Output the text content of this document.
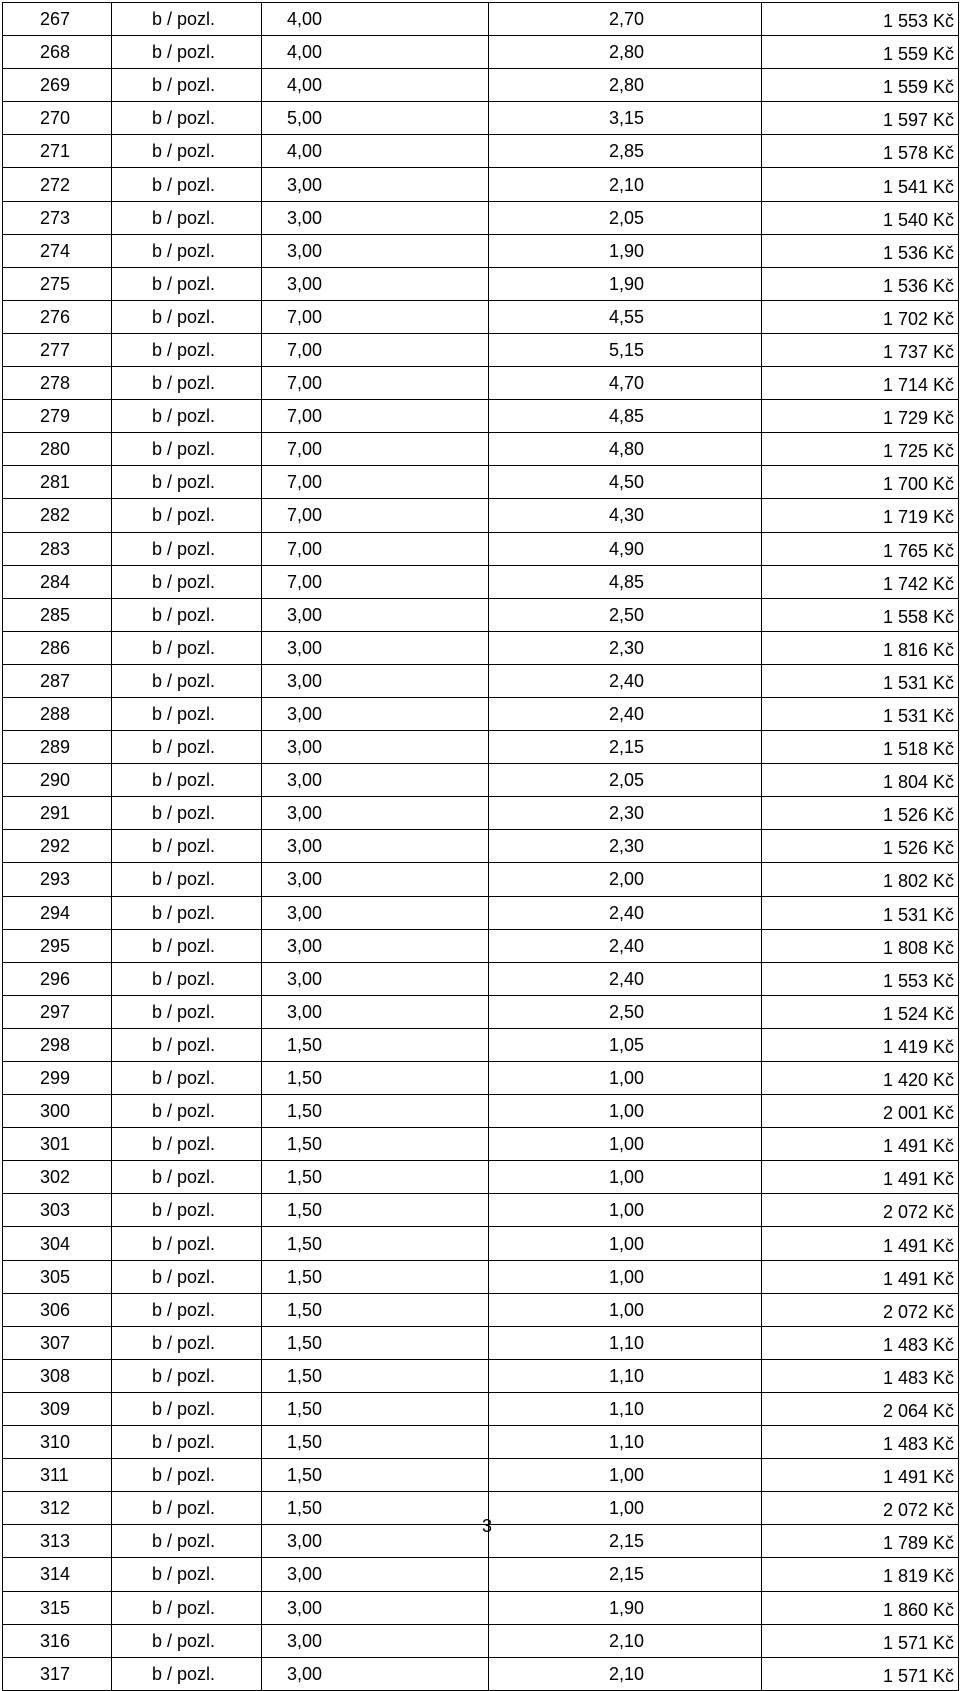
267	b / pozl.	4,00	2,70	1 553 Kč
268	b / pozl.	4,00	2,80	1 559 Kč
269	b / pozl.	4,00	2,80	1 559 Kč
270	b / pozl.	5,00	3,15	1 597 Kč
271	b / pozl.	4,00	2,85	1 578 Kč
272	b / pozl.	3,00	2,10	1 541 Kč
273	b / pozl.	3,00	2,05	1 540 Kč
274	b / pozl.	3,00	1,90	1 536 Kč
275	b / pozl.	3,00	1,90	1 536 Kč
276	b / pozl.	7,00	4,55	1 702 Kč
277	b / pozl.	7,00	5,15	1 737 Kč
278	b / pozl.	7,00	4,70	1 714 Kč
279	b / pozl.	7,00	4,85	1 729 Kč
280	b / pozl.	7,00	4,80	1 725 Kč
281	b / pozl.	7,00	4,50	1 700 Kč
282	b / pozl.	7,00	4,30	1 719 Kč
283	b / pozl.	7,00	4,90	1 765 Kč
284	b / pozl.	7,00	4,85	1 742 Kč
285	b / pozl.	3,00	2,50	1 558 Kč
286	b / pozl.	3,00	2,30	1 816 Kč
287	b / pozl.	3,00	2,40	1 531 Kč
288	b / pozl.	3,00	2,40	1 531 Kč
289	b / pozl.	3,00	2,15	1 518 Kč
290	b / pozl.	3,00	2,05	1 804 Kč
291	b / pozl.	3,00	2,30	1 526 Kč
292	b / pozl.	3,00	2,30	1 526 Kč
293	b / pozl.	3,00	2,00	1 802 Kč
294	b / pozl.	3,00	2,40	1 531 Kč
295	b / pozl.	3,00	2,40	1 808 Kč
296	b / pozl.	3,00	2,40	1 553 Kč
297	b / pozl.	3,00	2,50	1 524 Kč
298	b / pozl.	1,50	1,05	1 419 Kč
299	b / pozl.	1,50	1,00	1 420 Kč
300	b / pozl.	1,50	1,00	2 001 Kč
301	b / pozl.	1,50	1,00	1 491 Kč
302	b / pozl.	1,50	1,00	1 491 Kč
303	b / pozl.	1,50	1,00	2 072 Kč
304	b / pozl.	1,50	1,00	1 491 Kč
305	b / pozl.	1,50	1,00	1 491 Kč
306	b / pozl.	1,50	1,00	2 072 Kč
307	b / pozl.	1,50	1,10	1 483 Kč
308	b / pozl.	1,50	1,10	1 483 Kč
309	b / pozl.	1,50	1,10	2 064 Kč
310	b / pozl.	1,50	1,10	1 483 Kč
311	b / pozl.	1,50	1,00	1 491 Kč
312	b / pozl.	1,50	1,00	2 072 Kč
313	b / pozl.	3,00	2,15	1 789 Kč
314	b / pozl.	3,00	2,15	1 819 Kč
315	b / pozl.	3,00	1,90	1 860 Kč
316	b / pozl.	3,00	2,10	1 571 Kč
317	b / pozl.	3,00	2,10	1 571 Kč
3
